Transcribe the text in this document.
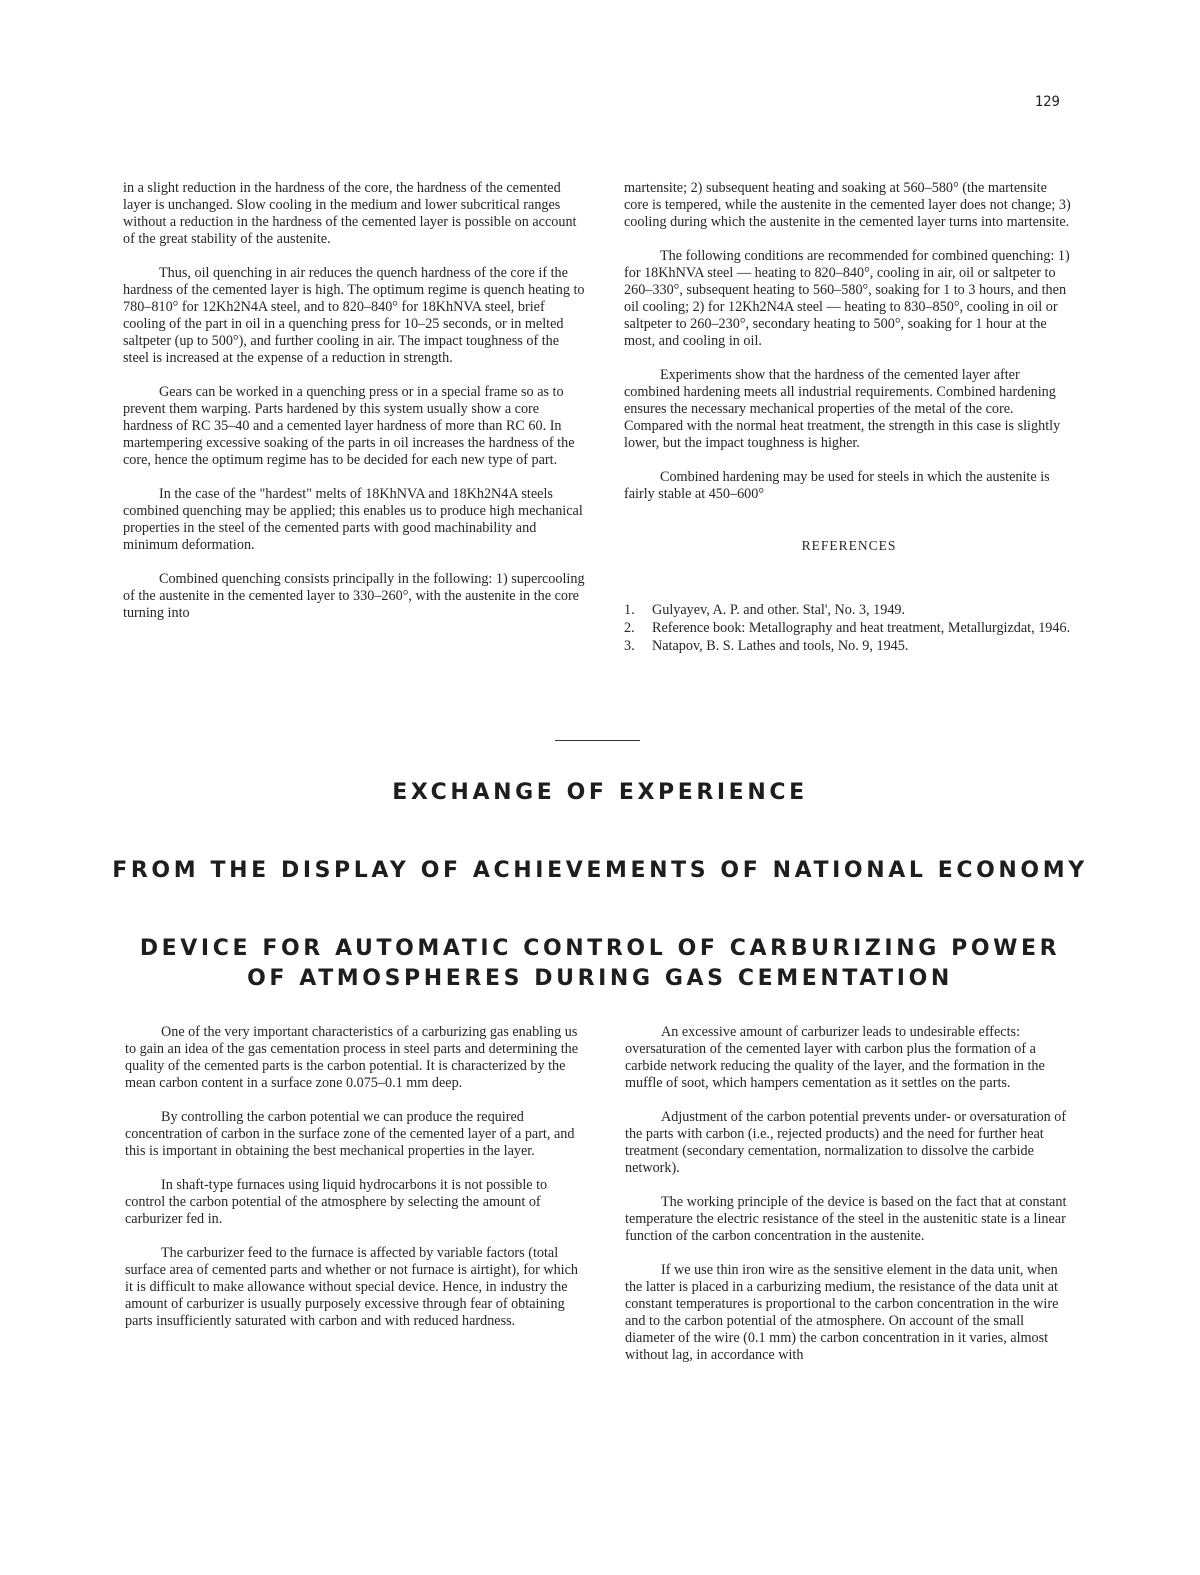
129

in a slight reduction in the hardness of the core, the hardness of the cemented layer is unchanged. Slow cooling in the medium and lower subcritical ranges without a reduction in the hardness of the cemented layer is possible on account of the great stability of the austenite.

Thus, oil quenching in air reduces the quench hardness of the core if the hardness of the cemented layer is high. The optimum regime is quench heating to 780–810° for 12Kh2N4A steel, and to 820–840° for 18KhNVA steel, brief cooling of the part in oil in a quenching press for 10–25 seconds, or in melted saltpeter (up to 500°), and further cooling in air. The impact toughness of the steel is increased at the expense of a reduction in strength.

Gears can be worked in a quenching press or in a special frame so as to prevent them warping. Parts hardened by this system usually show a core hardness of RC 35–40 and a cemented layer hardness of more than RC 60. In martempering excessive soaking of the parts in oil increases the hardness of the core, hence the optimum regime has to be decided for each new type of part.

In the case of the "hardest" melts of 18KhNVA and 18Kh2N4A steels combined quenching may be applied; this enables us to produce high mechanical properties in the steel of the cemented parts with good machinability and minimum deformation.

Combined quenching consists principally in the following: 1) supercooling of the austenite in the cemented layer to 330–260°, with the austenite in the core turning into

martensite; 2) subsequent heating and soaking at 560–580° (the martensite core is tempered, while the austenite in the cemented layer does not change; 3) cooling during which the austenite in the cemented layer turns into martensite.

The following conditions are recommended for combined quenching: 1) for 18KhNVA steel — heating to 820–840°, cooling in air, oil or saltpeter to 260–330°, subsequent heating to 560–580°, soaking for 1 to 3 hours, and then oil cooling; 2) for 12Kh2N4A steel — heating to 830–850°, cooling in oil or saltpeter to 260–230°, secondary heating to 500°, soaking for 1 hour at the most, and cooling in oil.

Experiments show that the hardness of the cemented layer after combined hardening meets all industrial requirements. Combined hardening ensures the necessary mechanical properties of the metal of the core. Compared with the normal heat treatment, the strength in this case is slightly lower, but the impact toughness is higher.

Combined hardening may be used for steels in which the austenite is fairly stable at 450–600°

REFERENCES
1. Gulyayev, A. P. and other. Stal', No. 3, 1949.
2. Reference book: Metallography and heat treatment, Metallurgizdat, 1946.
3. Natapov, B. S. Lathes and tools, No. 9, 1945.
EXCHANGE OF EXPERIENCE
FROM THE DISPLAY OF ACHIEVEMENTS OF NATIONAL ECONOMY
DEVICE FOR AUTOMATIC CONTROL OF CARBURIZING POWER
OF ATMOSPHERES DURING GAS CEMENTATION

One of the very important characteristics of a carburizing gas enabling us to gain an idea of the gas cementation process in steel parts and determining the quality of the cemented parts is the carbon potential. It is characterized by the mean carbon content in a surface zone 0.075–0.1 mm deep.

By controlling the carbon potential we can produce the required concentration of carbon in the surface zone of the cemented layer of a part, and this is important in obtaining the best mechanical properties in the layer.

In shaft-type furnaces using liquid hydrocarbons it is not possible to control the carbon potential of the atmosphere by selecting the amount of carburizer fed in.

The carburizer feed to the furnace is affected by variable factors (total surface area of cemented parts and whether or not furnace is airtight), for which it is difficult to make allowance without special device. Hence, in industry the amount of carburizer is usually purposely excessive through fear of obtaining parts insufficiently saturated with carbon and with reduced hardness.

An excessive amount of carburizer leads to undesirable effects: oversaturation of the cemented layer with carbon plus the formation of a carbide network reducing the quality of the layer, and the formation in the muffle of soot, which hampers cementation as it settles on the parts.

Adjustment of the carbon potential prevents under- or oversaturation of the parts with carbon (i.e., rejected products) and the need for further heat treatment (secondary cementation, normalization to dissolve the carbide network).

The working principle of the device is based on the fact that at constant temperature the electric resistance of the steel in the austenitic state is a linear function of the carbon concentration in the austenite.

If we use thin iron wire as the sensitive element in the data unit, when the latter is placed in a carburizing medium, the resistance of the data unit at constant temperatures is proportional to the carbon concentration in the wire and to the carbon potential of the atmosphere. On account of the small diameter of the wire (0.1 mm) the carbon concentration in it varies, almost without lag, in accordance with
